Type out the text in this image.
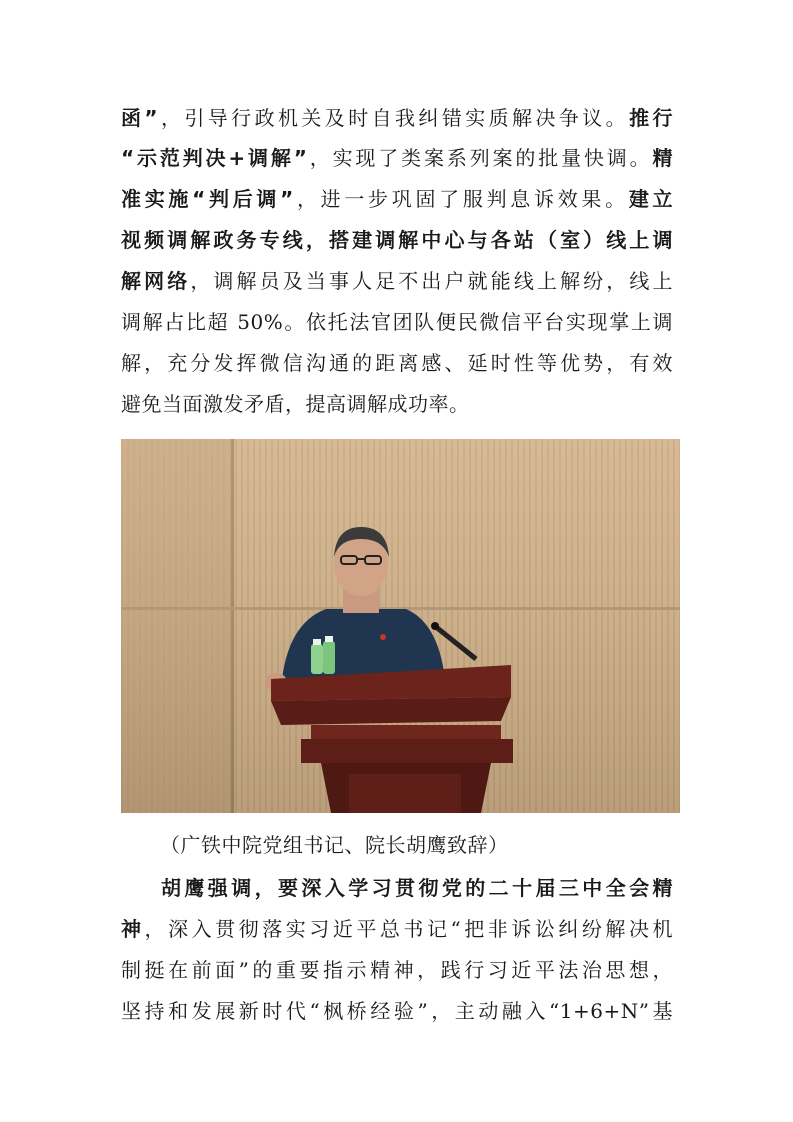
函”，引导行政机关及时自我纠错实质解决争议。推行
“示范判决+调解”，实现了类案系列案的批量快调。精
准实施“判后调”，进一步巩固了服判息诉效果。建立
视频调解政务专线，搭建调解中心与各站（室）线上调
解网络，调解员及当事人足不出户就能线上解纷，线上
调解占比超 50%。依托法官团队便民微信平台实现掌上调
解，充分发挥微信沟通的距离感、延时性等优势，有效
避免当面激发矛盾，提高调解成功率。
（广铁中院党组书记、院长胡鹰致辞）
胡鹰强调，要深入学习贯彻党的二十届三中全会精
神，深入贯彻落实习近平总书记“把非诉讼纠纷解决机
制挺在前面”的重要指示精神，践行习近平法治思想，
坚持和发展新时代“枫桥经验”，主动融入“1+6+N”基
